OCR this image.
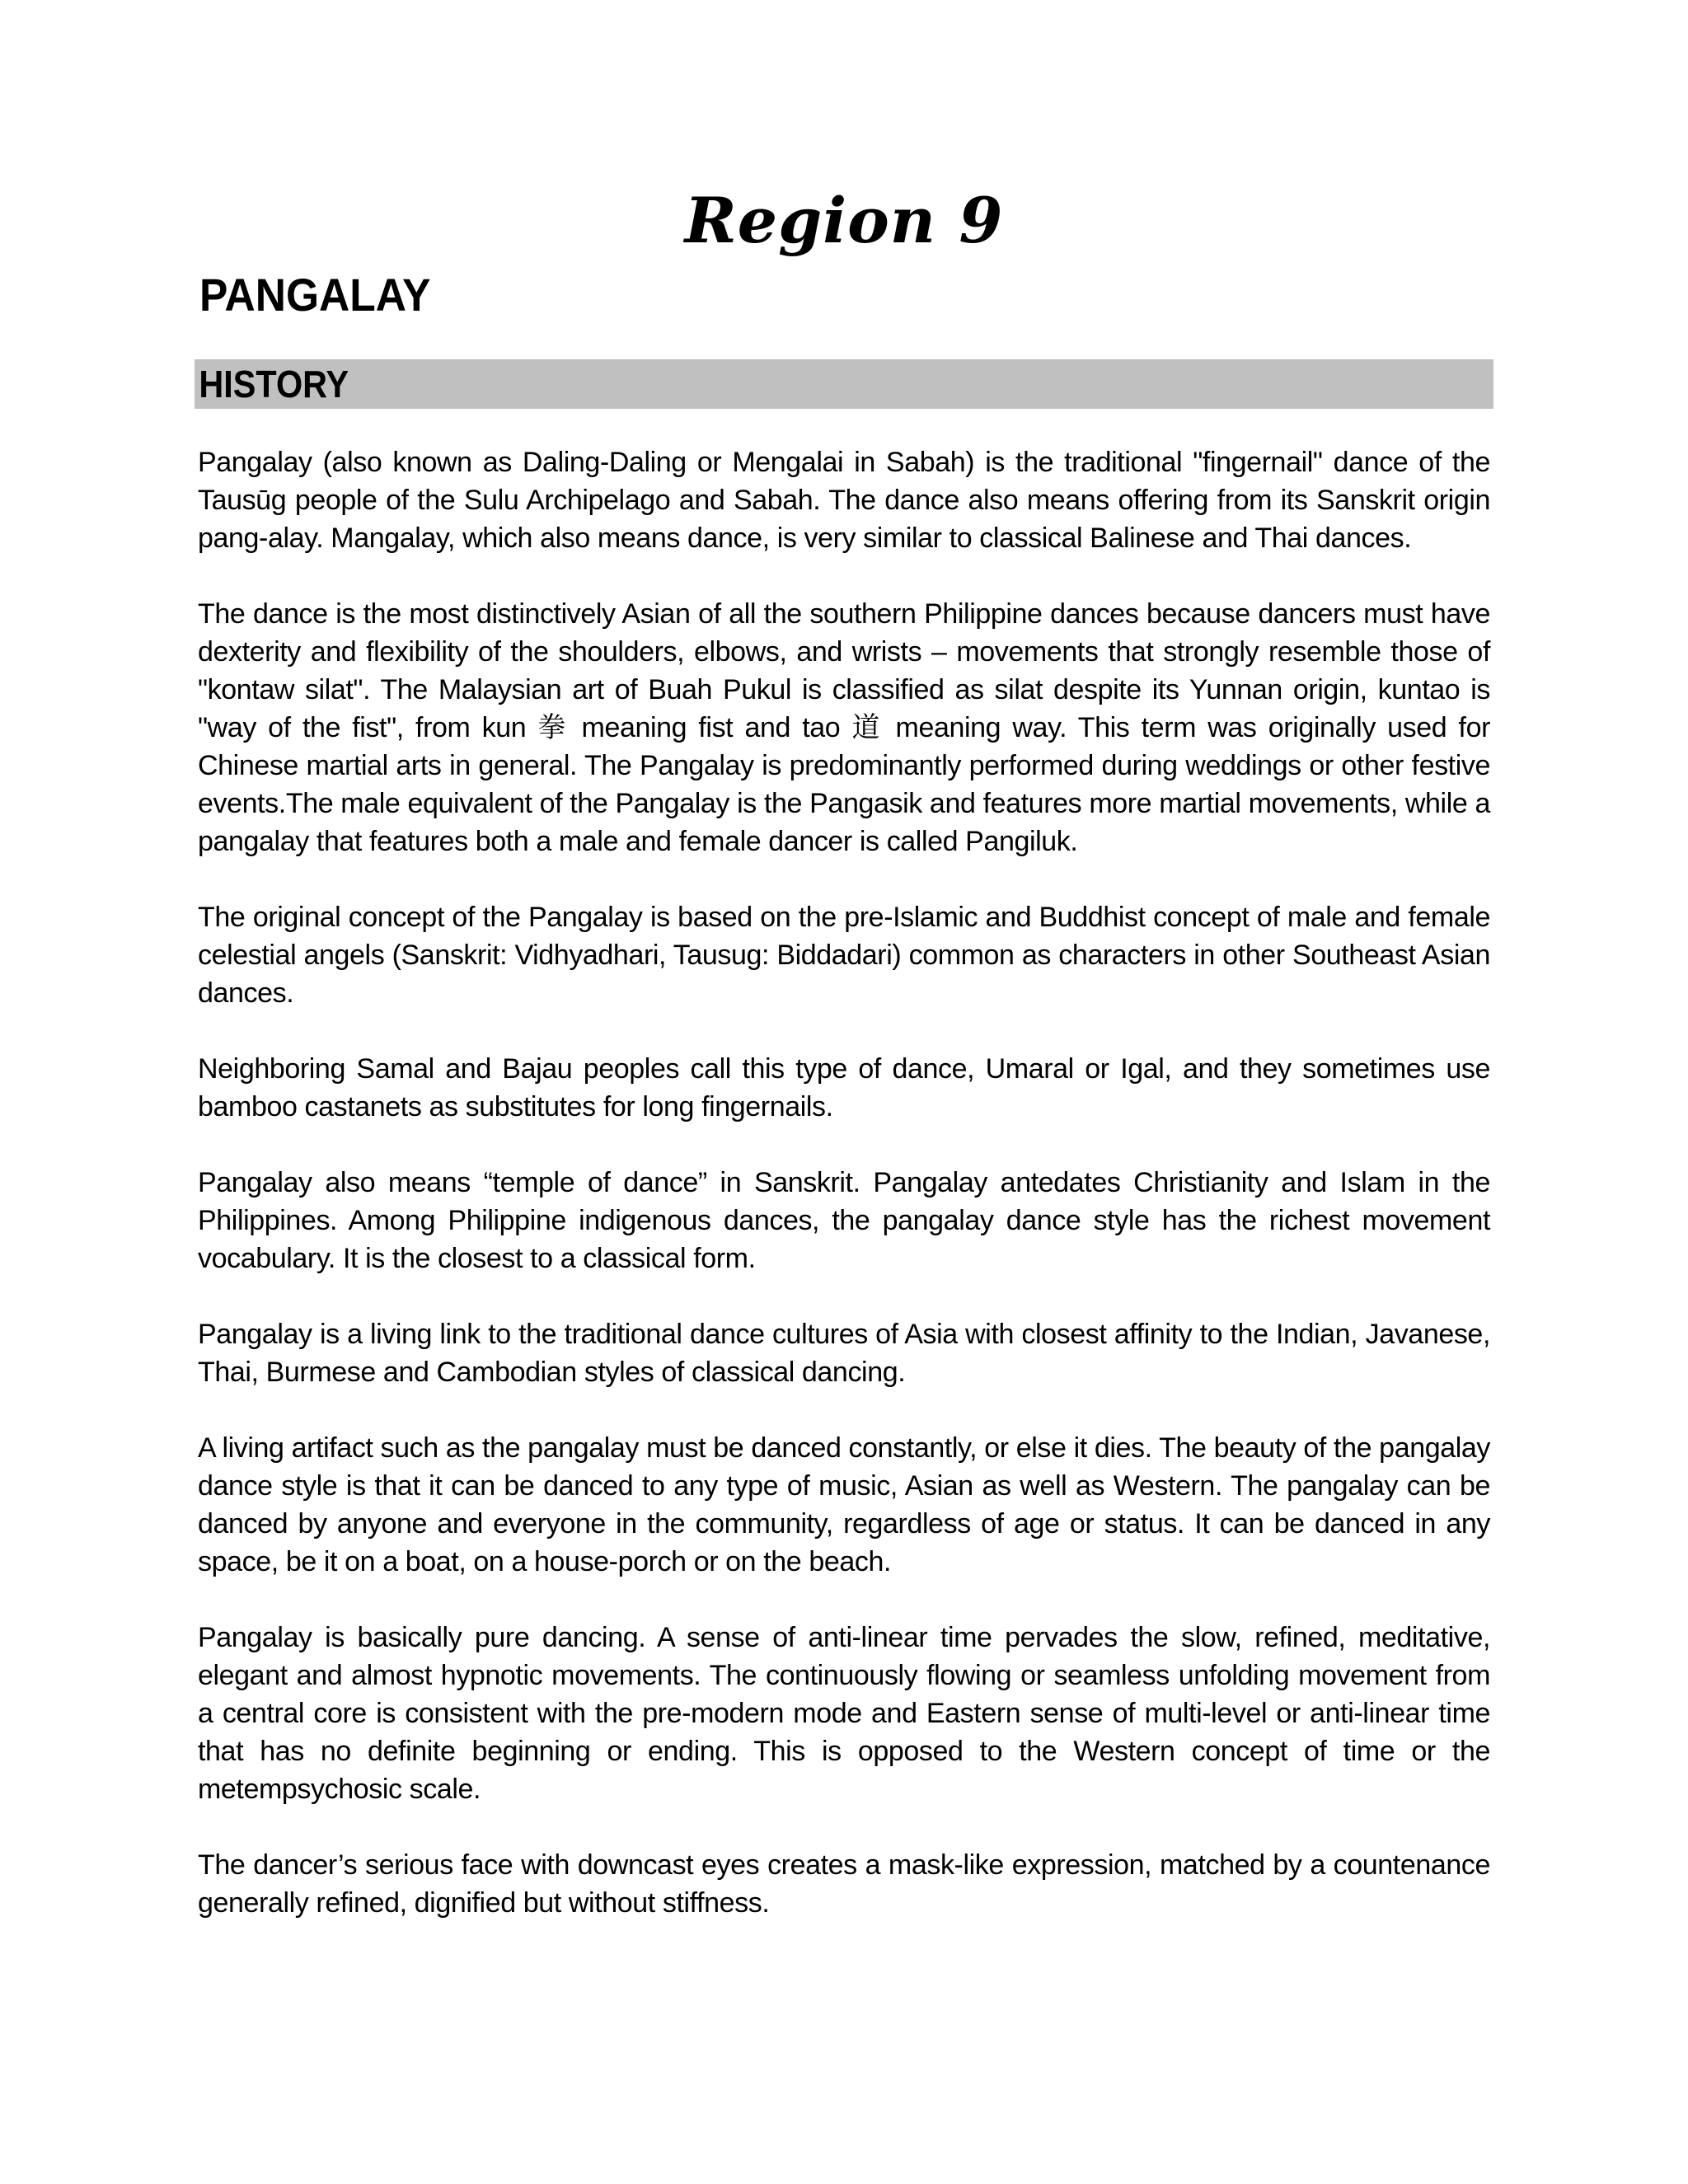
Region 9
PANGALAY
HISTORY

Pangalay (also known as Daling-Daling or Mengalai in Sabah) is the traditional "fingernail" dance of the Tausūg people of the Sulu Archipelago and Sabah. The dance also means offering from its Sanskrit origin pang-alay. Mangalay, which also means dance, is very similar to classical Balinese and Thai dances.

The dance is the most distinctively Asian of all the southern Philippine dances because dancers must have dexterity and flexibility of the shoulders, elbows, and wrists – movements that strongly resemble those of "kontaw silat". The Malaysian art of Buah Pukul is classified as silat despite its Yunnan origin, kuntao is "way of the fist", from kun 拳 meaning fist and tao 道 meaning way. This term was originally used for Chinese martial arts in general. The Pangalay is predominantly performed during weddings or other festive events.The male equivalent of the Pangalay is the Pangasik and features more martial movements, while a pangalay that features both a male and female dancer is called Pangiluk.

The original concept of the Pangalay is based on the pre-Islamic and Buddhist concept of male and female celestial angels (Sanskrit: Vidhyadhari, Tausug: Biddadari) common as characters in other Southeast Asian dances.

Neighboring Samal and Bajau peoples call this type of dance, Umaral or Igal, and they sometimes use bamboo castanets as substitutes for long fingernails.

Pangalay also means “temple of dance” in Sanskrit. Pangalay antedates Christianity and Islam in the Philippines. Among Philippine indigenous dances, the pangalay dance style has the richest movement vocabulary. It is the closest to a classical form.

Pangalay is a living link to the traditional dance cultures of Asia with closest affinity to the Indian, Javanese, Thai, Burmese and Cambodian styles of classical dancing.

A living artifact such as the pangalay must be danced constantly, or else it dies. The beauty of the pangalay dance style is that it can be danced to any type of music, Asian as well as Western. The pangalay can be danced by anyone and everyone in the community, regardless of age or status. It can be danced in any space, be it on a boat, on a house-porch or on the beach.

Pangalay is basically pure dancing. A sense of anti-linear time pervades the slow, refined, meditative, elegant and almost hypnotic movements. The continuously flowing or seamless unfolding movement from a central core is consistent with the pre-modern mode and Eastern sense of multi-level or anti-linear time that has no definite beginning or ending. This is opposed to the Western concept of time or the metempsychosic scale.

The dancer’s serious face with downcast eyes creates a mask-like expression, matched by a countenance generally refined, dignified but without stiffness.
